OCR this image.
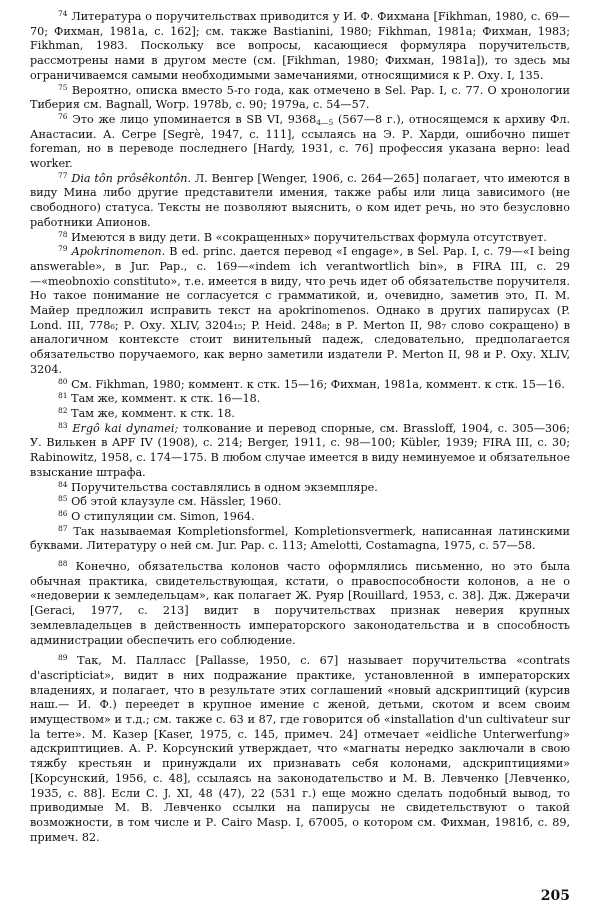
$^{74}$ Литература о поручительствах приводится у И. Ф. Фихмана [Fikhman, 1980, с. 69—70; Фихман, 1981а, с. 162]; см. также Bastianini, 1980; Fikhman, 1981a; Фихман, 1983; Fikhman, 1983. Поскольку все вопросы, касающиеся формуляра поручительств, рассмотрены нами в другом месте (см. [Fikhman, 1980; Фихман, 1981а]), то здесь мы ограничиваемся самыми необходимыми замечаниями, относящимися к Р. Оху. I, 135.

$^{75}$ Вероятно, описка вместо 5-го года, как отмечено в Sel. Pap. I, с. 77. О хронологии Тиберия см. Bagnall, Worp. 1978b, с. 90; 1979а, с. 54—57.

$^{76}$ Это же лицо упоминается в SB VI, $9368_{4—5}$ (567—8 г.), относящемся к архиву Фл. Анастасии. А. Сегре [Segrè, 1947, с. 111], ссылаясь на Э. Р. Харди, ошибочно пишет foreman, но в переводе последнего [Hardy, 1931, с. 76] профессия указана верно: lead worker.

$^{77}$ Dia tôn prôsêkontôn. Л. Венгер [Wenger, 1906, с. 264—265] полагает, что имеются в виду Мина либо другие представители имения, также рабы или лица зависимого (не свободного) статуса. Тексты не позволяют выяснить, о ком идет речь, но это безусловно работники Апионов.

$^{78}$ Имеются в виду дети. В «сокращенных» поручительствах формула отсутствует.

$^{79}$ Apokrinomenon. В ed. princ. дается перевод «I engage», в Sel. Pap. I, с. 79—«I being answerable», в Jur. Pap., с. 169—«indem ich verantwortlich bin», в FIRA III, с. 29—«meobnoxio constituto», т.е. имеется в виду, что речь идет об обязательстве поручителя. Но такое понимание не согласуется с грамматикой, и, очевидно, заметив это, П. М. Майер предложил исправить текст на apokrinomenos. Однако в других папирусах (P. Lond. III, 778₆; Р. Оху. XLIV, 3204₁₅; P. Heid. 248₈; в Р. Merton II, 98₇ слово сокращено) в аналогичном контексте стоит винительный падеж, следовательно, предполагается обязательство поручаемого, как верно заметили издатели Р. Merton II, 98 и Р. Оху. XLIV, 3204.

$^{80}$ См. Fikhman, 1980; коммент. к стк. 15—16; Фихман, 1981а, коммент. к стк. 15—16.

$^{81}$ Там же, коммент. к стк. 16—18.

$^{82}$ Там же, коммент. к стк. 18.

$^{83}$ Ergô kai dynamei; толкование и перевод спорные, см. Brassloff, 1904, с. 305—306; У. Вилькен в APF IV (1908), с. 214; Berger, 1911, с. 98—100; Kübler, 1939; FIRA III, с. 30; Rabinowitz, 1958, с. 174—175. В любом случае имеется в виду неминуемое и обязательное взыскание штрафа.

$^{84}$ Поручительства составлялись в одном экземпляре.

$^{85}$ Об этой клаузуле см. Hässler, 1960.

$^{86}$ О стипуляции см. Simon, 1964.

$^{87}$ Так называемая Kompletionsformel, Kompletionsvermerk, написанная латинскими буквами. Литературу о ней см. Jur. Pap. с. 113; Amelotti, Costamagna, 1975, с. 57—58.

$^{88}$ Конечно, обязательства колонов часто оформлялись письменно, но это была обычная практика, свидетельствующая, кстати, о правоспособности колонов, а не о «недоверии к земледельцам», как полагает Ж. Руяр [Rouillard, 1953, с. 38]. Дж. Джерачи [Geraci, 1977, с. 213] видит в поручительствах признак неверия крупных землевладельцев в действенность императорского законодательства и в способность администрации обеспечить его соблюдение.

$^{89}$ Так, М. Палласс [Pallasse, 1950, с. 67] называет поручительства «contrats d'ascripticiat», видит в них подражание практике, установленной в императорских владениях, и полагает, что в результате этих соглашений «новый адскриптиций (курсив наш.— И. Ф.) переедет в крупное имение с женой, детьми, скотом и всем своим имуществом» и т.д.; см. также с. 63 и 87, где говорится об «installation d'un cultivateur sur la terre». М. Казер [Kaser, 1975, с. 145, примеч. 24] отмечает «eidliche Unterwerfung» адскриптициев. А. Р. Корсунский утверждает, что «магнаты нередко заключали в свою тяжбу крестьян и принуждали их признавать себя колонами, адскриптициями» [Корсунский, 1956, с. 48], ссылаясь на законодательство и М. В. Левченко [Левченко, 1935, с. 88]. Если С. J. XI, 48 (47), 22 (531 г.) еще можно сделать подобный вывод, то приводимые М. В. Левченко ссылки на папирусы не свидетельствуют о такой возможности, в том числе и Р. Cairo Masp. I, 67005, о котором см. Фихман, 1981б, с. 89, примеч. 82.

205
